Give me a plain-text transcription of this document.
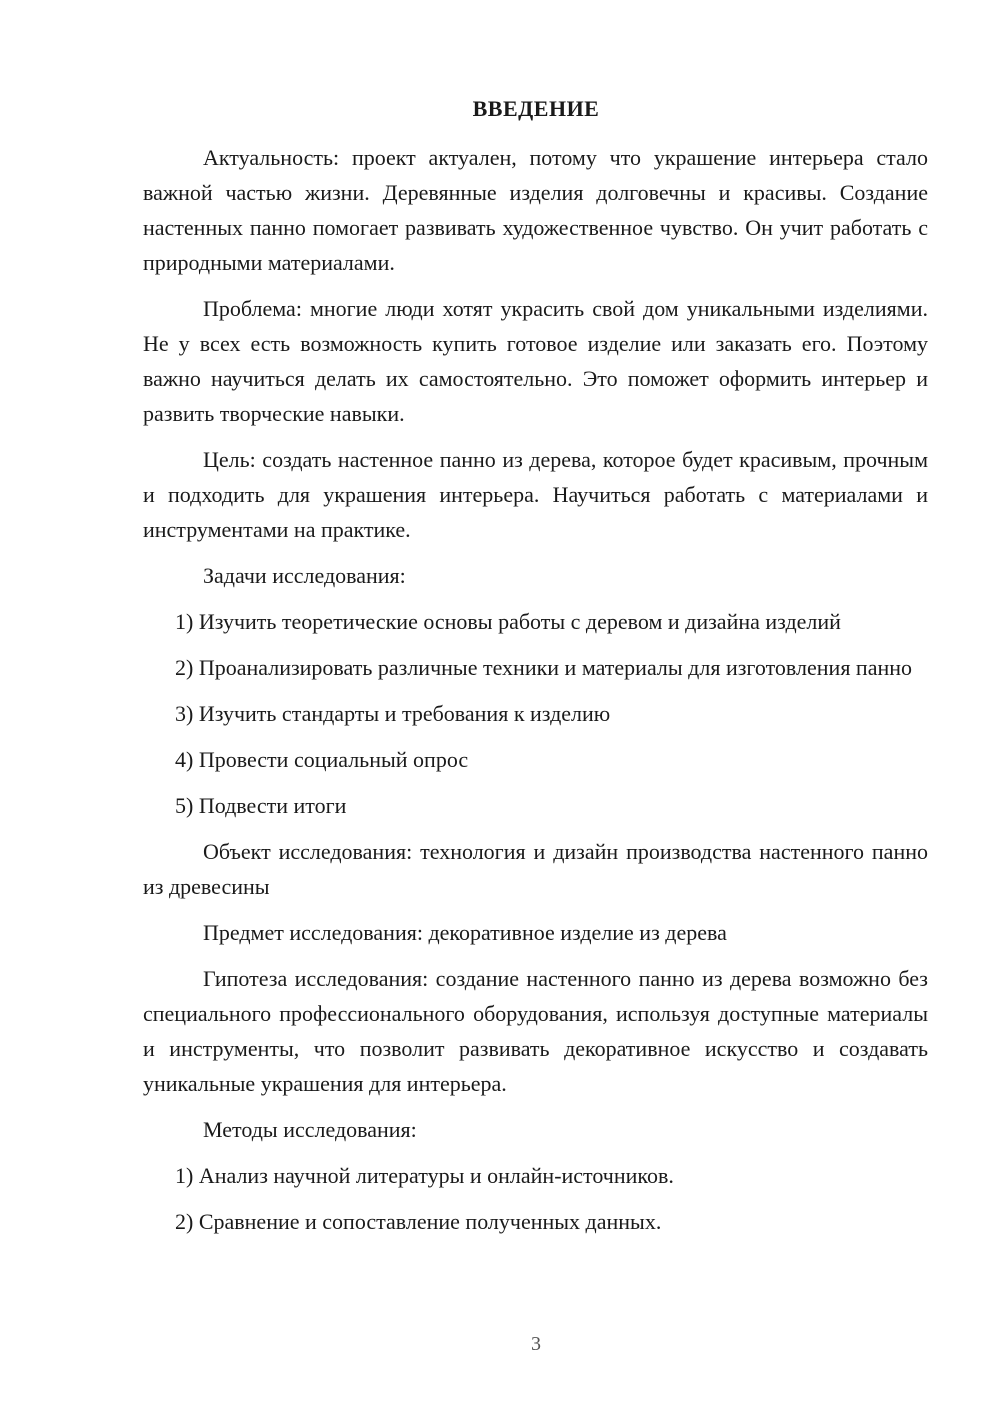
ВВЕДЕНИЕ

Актуальность: проект актуален, потому что украшение интерьера стало важной частью жизни. Деревянные изделия долговечны и красивы. Создание настенных панно помогает развивать художественное чувство. Он учит работать с природными материалами.

Проблема: многие люди хотят украсить свой дом уникальными изделиями. Не у всех есть возможность купить готовое изделие или заказать его. Поэтому важно научиться делать их самостоятельно. Это поможет оформить интерьер и развить творческие навыки.

Цель: создать настенное панно из дерева, которое будет красивым, прочным и подходить для украшения интерьера. Научиться работать с материалами и инструментами на практике.

Задачи исследования:

1) Изучить теоретические основы работы с деревом и дизайна изделий

2) Проанализировать различные техники и материалы для изготовления панно

3) Изучить стандарты и требования к изделию

4) Провести социальный опрос

5) Подвести итоги

Объект исследования: технология и дизайн производства настенного панно из древесины

Предмет исследования: декоративное изделие из дерева

Гипотеза исследования: создание настенного панно из дерева возможно без специального профессионального оборудования, используя доступные материалы и инструменты, что позволит развивать декоративное искусство и создавать уникальные украшения для интерьера.

Методы исследования:

1) Анализ научной литературы и онлайн-источников.

2) Сравнение и сопоставление полученных данных.

3
